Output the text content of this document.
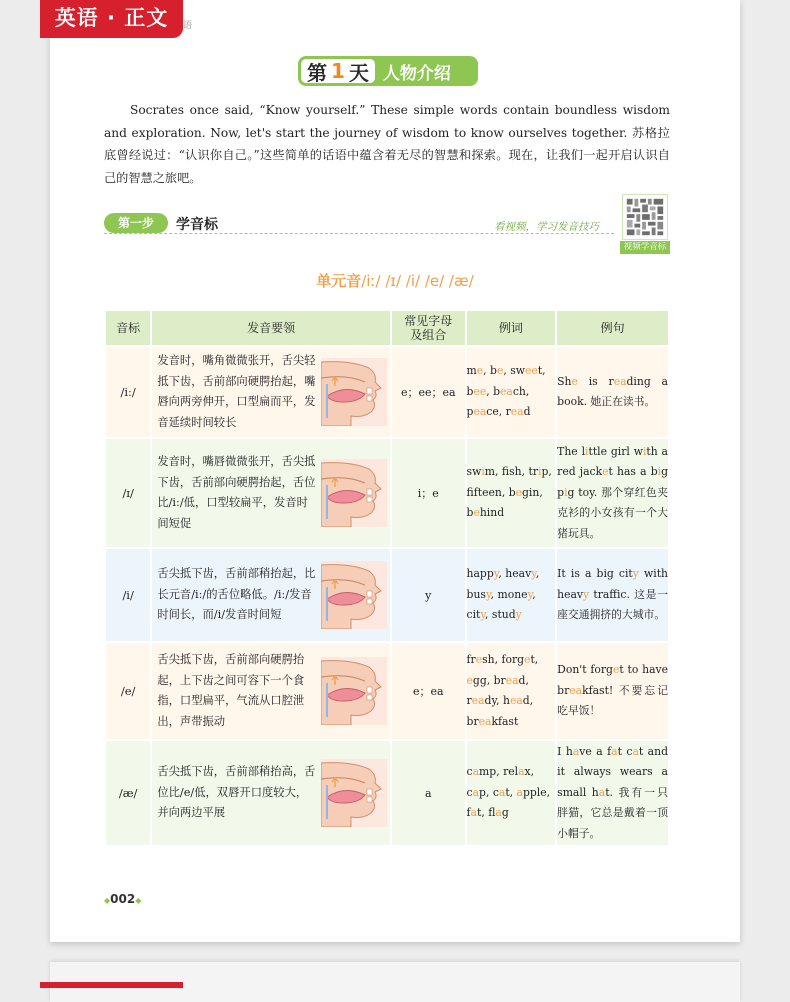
英语 · 正文	语
第 1 天 人物介绍

Socrates once said, “Know yourself.” These simple words contain boundless wisdom and exploration. Now, let's start the journey of wisdom to know ourselves together. 苏格拉底曾经说过：“认识你自己。”这些简单的话语中蕴含着无尽的智慧和探索。现在，让我们一起开启认识自己的智慧之旅吧。

第一步	学音标	看视频，学习发音技巧
视频学音标
单元音/iː/ /ɪ/ /i/ /e/ /æ/
音标	发音要领	常见字母及组合	例词	例句
/iː/	发音时，嘴角微微张开，舌尖轻抵下齿，舌前部向硬腭抬起，嘴唇向两旁伸开，口型扁而平，发音延续时间较长	e；ee；ea	me, be, sweet, bee, beach, peace, read	She is reading a book. 她正在读书。
/ɪ/	发音时，嘴唇微微张开，舌尖抵下齿，舌前部向硬腭抬起，舌位比/iː/低，口型较扁平，发音时间短促	i；e	swim, fsh, trip, ffteen, begin, behind	The little girl with a red jacket has a big pig toy. 那个穿红色夹克衫的小女孩有一个大猪玩具。
/i/	舌尖抵下齿，舌前部稍抬起，比长元音/iː/的舌位略低。/iː/发音时间长，而/i/发音时间短	y	happy, heavy, busy, money, city, study	It is a big city with heavy traffic. 这是一座交通拥挤的大城市。
/e/	舌尖抵下齿，舌前部向硬腭抬起，上下齿之间可容下一个食指，口型扁平，气流从口腔泄出，声带振动	e；ea	fresh, forget, egg, bread, ready, head, breakfast	Don't forget to have breakfast! 不要忘记吃早饭！
/æ/	舌尖抵下齿，舌前部稍抬高，舌位比/e/低，双唇开口度较大，并向两边平展	a	camp, relax, cap, cat, apple, fat, flag	I have a fat cat and it always wears a small hat. 我有一只胖猫，它总是戴着一顶小帽子。
◆002◆
